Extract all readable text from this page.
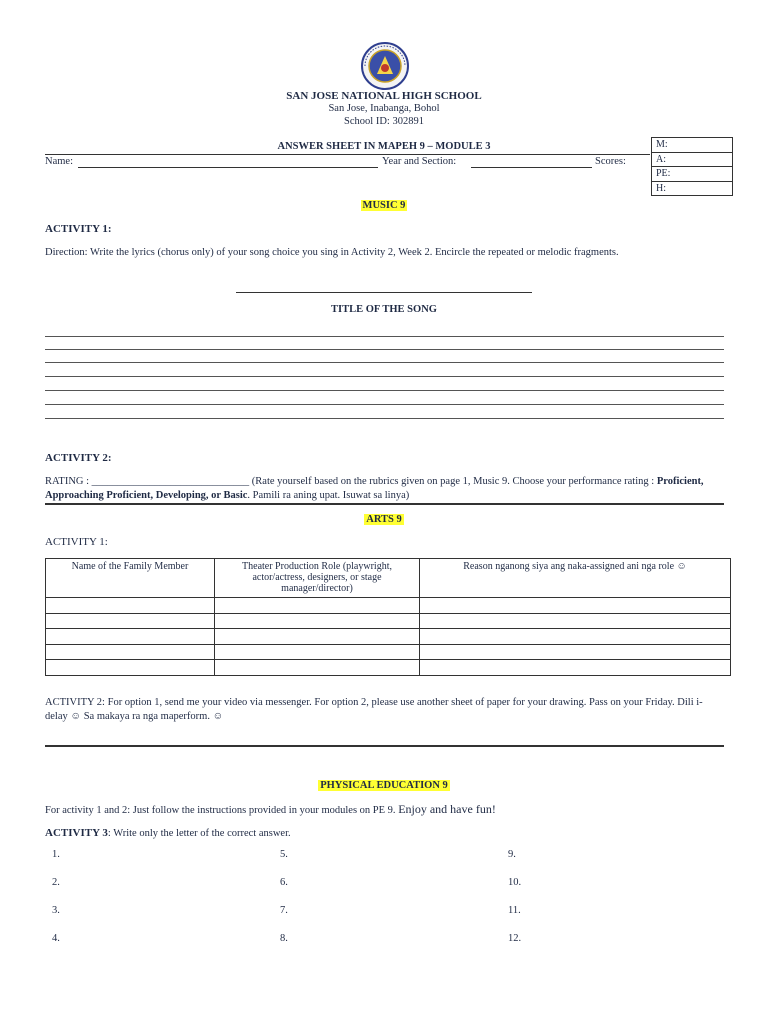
SAN JOSE NATIONAL HIGH SCHOOL
San Jose, Inabanga, Bohol
School ID: 302891
ANSWER SHEET IN MAPEH 9 – MODULE 3	M:
A:
PE:
H:
Name:	Year and Section:	Scores:
MUSIC 9
ACTIVITY 1:
Direction: Write the lyrics (chorus only) of your song choice you sing in Activity 2, Week 2. Encircle the repeated or melodic fragments.
TITLE OF THE SONG
ACTIVITY 2:
RATING : ______________________________ (Rate yourself based on the rubrics given on page 1, Music 9. Choose your performance rating : Proficient, Approaching Proficient, Developing, or Basic. Pamili ra aning upat. Isuwat sa linya)
ARTS 9
ACTIVITY 1:
Name of the Family Member	Theater Production Role (playwright, actor/actress, designers, or stage manager/director)	Reason nganong siya ang naka-assigned ani nga role ☺

ACTIVITY 2: For option 1, send me your video via messenger. For option 2, please use another sheet of paper for your drawing. Pass on your Friday. Dili i-delay ☺ Sa makaya ra nga maperform. ☺
PHYSICAL EDUCATION 9
For activity 1 and 2: Just follow the instructions provided in your modules on PE 9. Enjoy and have fun!
ACTIVITY 3: Write only the letter of the correct answer.
1.
2.
3.
4.
5.
6.
7.
8.
9.
10.
11.
12.
